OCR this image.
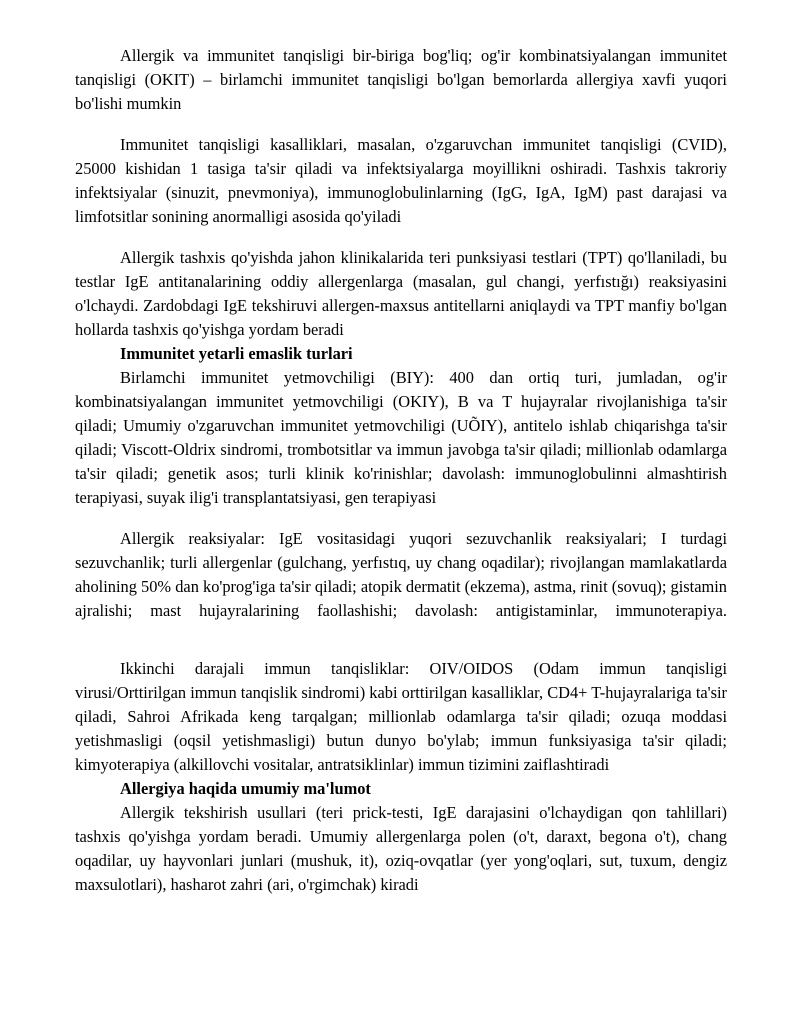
Allergik va immunitet tanqisligi bir-biriga bog'liq; og'ir kombinatsiyalangan immunitet tanqisligi (OKIT) – birlamchi immunitet tanqisligi bo'lgan bemorlarda allergiya xavfi yuqori bo'lishi mumkin

Immunitet tanqisligi kasalliklari, masalan, o'zgaruvchan immunitet tanqisligi (CVID), 25000 kishidan 1 tasiga ta'sir qiladi va infektsiyalarga moyillikni oshiradi. Tashxis takroriy infektsiyalar (sinuzit, pnevmoniya), immunoglobulinlarning (IgG, IgA, IgM) past darajasi va limfotsitlar sonining anormalligi asosida qo'yiladi

Allergik tashxis qo'yishda jahon klinikalarida teri punksiyasi testlari (TPT) qo'llaniladi, bu testlar IgE antitanalarining oddiy allergenlarga (masalan, gul changi, yerfıstığı) reaksiyasini o'lchaydi. Zardobdagi IgE tekshiruvi allergen-maxsus antitellarni aniqlaydi va TPT manfiy bo'lgan hollarda tashxis qo'yishga yordam beradi

Immunitet yetarli emaslik turlari

Birlamchi immunitet yetmovchiligi (BIY): 400 dan ortiq turi, jumladan, og'ir kombinatsiyalangan immunitet yetmovchiligi (OKIY), B va T hujayralar rivojlanishiga ta'sir qiladi; Umumiy o'zgaruvchan immunitet yetmovchiligi (UÕIY), antitelo ishlab chiqarishga ta'sir qiladi; Viscott-Oldrix sindromi, trombotsitlar va immun javobga ta'sir qiladi; millionlab odamlarga ta'sir qiladi; genetik asos; turli klinik ko'rinishlar; davolash: immunoglobulinni almashtirish terapiyasi, suyak ilig'i transplantatsiyasi, gen terapiyasi

Allergik reaksiyalar: IgE vositasidagi yuqori sezuvchanlik reaksiyalari; I turdagi sezuvchanlik; turli allergenlar (gulchang, yerfıstıq, uy chang oqadilar); rivojlangan mamlakatlarda aholining 50% dan ko'prog'iga ta'sir qiladi; atopik dermatit (ekzema), astma, rinit (sovuq); gistamin ajralishi; mast hujayralarining faollashishi; davolash: antigistaminlar, immunoterapiya.

Ikkinchi darajali immun tanqisliklar: OIV/OIDOS (Odam immun tanqisligi virusi/Orttirilgan immun tanqislik sindromi) kabi orttirilgan kasalliklar, CD4+ T-hujayralariga ta'sir qiladi, Sahroi Afrikada keng tarqalgan; millionlab odamlarga ta'sir qiladi; ozuqa moddasi yetishmasligi (oqsil yetishmasligi) butun dunyo bo'ylab; immun funksiyasiga ta'sir qiladi; kimyoterapiya (alkillovchi vositalar, antratsiklinlar) immun tizimini zaiflashtiradi

Allergiya haqida umumiy ma'lumot

Allergik tekshirish usullari (teri prick-testi, IgE darajasini o'lchaydigan qon tahlillari) tashxis qo'yishga yordam beradi. Umumiy allergenlarga polen (o't, daraxt, begona o't), chang oqadilar, uy hayvonlari junlari (mushuk, it), oziq-ovqatlar (yer yong'oqlari, sut, tuxum, dengiz maxsulotlari), hasharot zahri (ari, o'rgimchak) kiradi
